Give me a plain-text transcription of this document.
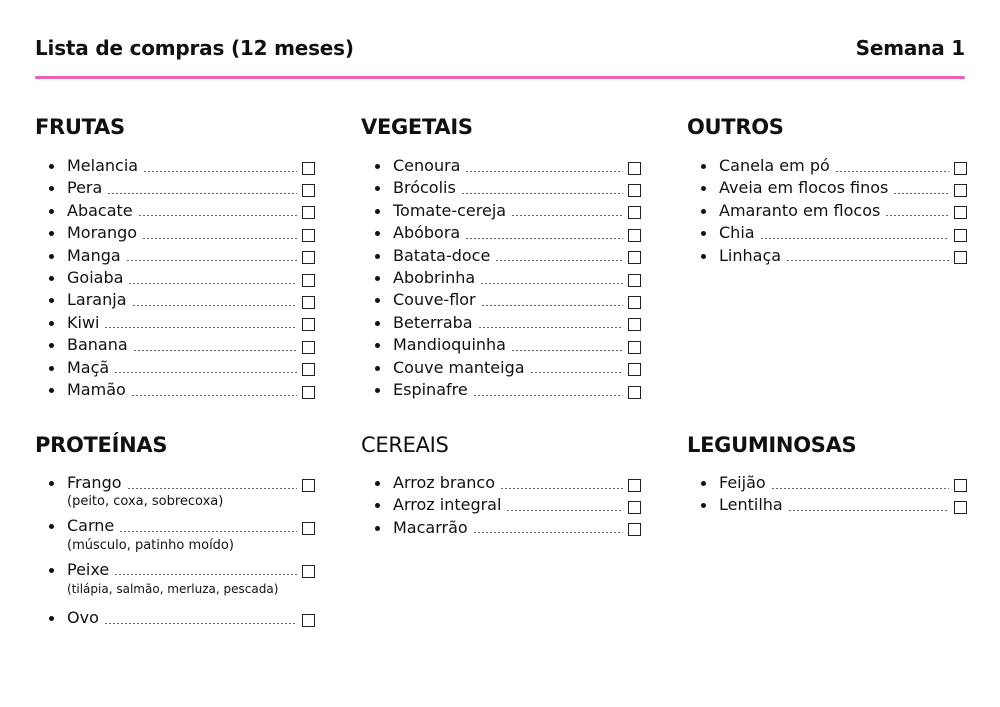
Lista de compras (12 meses)	Semana 1
FRUTAS
Melancia
Pera
Abacate
Morango
Manga
Goiaba
Laranja
Kiwi
Banana
Maçã
Mamão
VEGETAIS
Cenoura
Brócolis
Tomate-cereja
Abóbora
Batata-doce
Abobrinha
Couve-flor
Beterraba
Mandioquinha
Couve manteiga
Espinafre
OUTROS
Canela em pó
Aveia em flocos finos
Amaranto em flocos
Chia
Linhaça
PROTEÍNAS
Frango
(peito, coxa, sobrecoxa)
Carne
(músculo, patinho moído)
Peixe
(tilápia, salmão, merluza, pescada)
Ovo
CEREAIS
Arroz branco
Arroz integral
Macarrão
LEGUMINOSAS
Feijão
Lentilha
